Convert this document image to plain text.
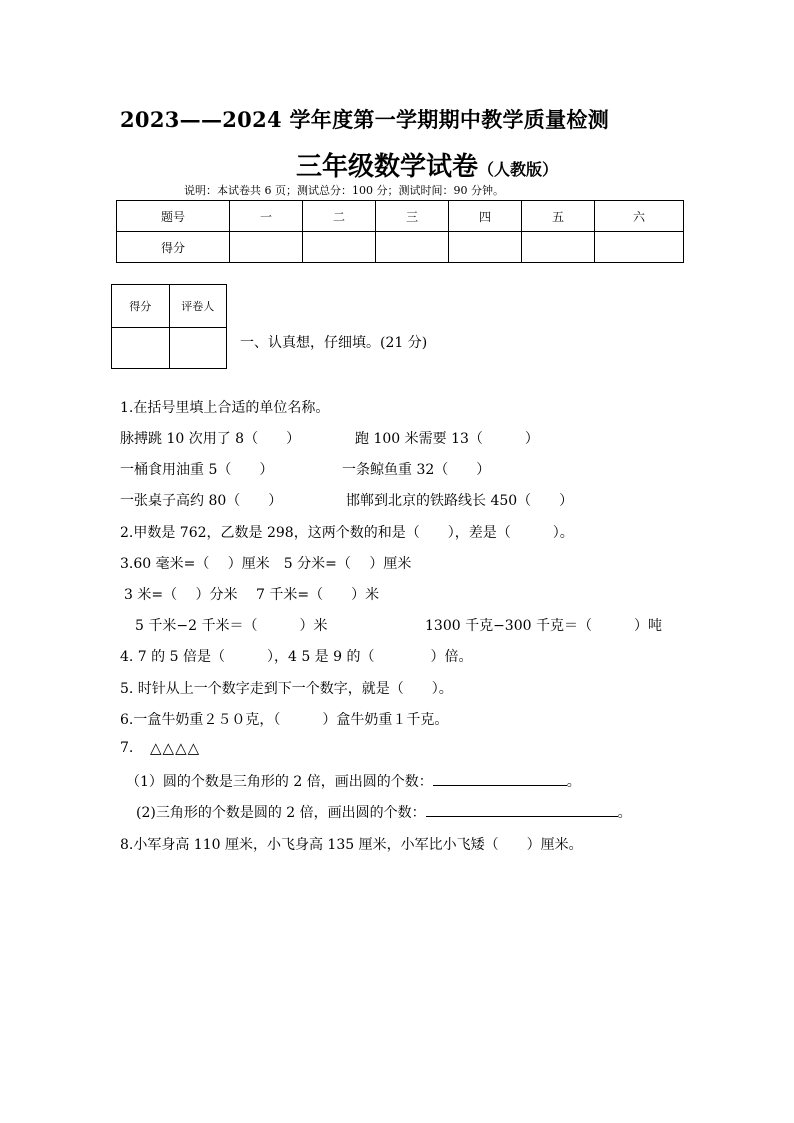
2023——2024 学年度第一学期期中教学质量检测
三年级数学试卷（人教版）
说明：本试卷共 6 页；测试总分：100 分；测试时间：90 分钟。
题号	一	二	三	四	五	六
得分						
得分	评卷人

一、认真想，仔细填。(21 分)
1.在括号里填上合适的单位名称。
脉搏跳 10 次用了 8（　　）	跑 100 米需要 13（　　　）
一桶食用油重 5（　　）	一条鲸鱼重 32（　　）
一张桌子高约 80（　　）	邯郸到北京的铁路线长 450（　　）
2.甲数是 762，乙数是 298，这两个数的和是（　　），差是（　　　）。
3.60 毫米=（　 ）厘米　5 分米=（　 ）厘米
3 米=（　 ）分米　 7 千米=（　　）米
5 千米−2 千米＝（　　　）米	1300 千克−300 千克＝（　　　）吨
4. 7 的 5 倍是（　　　），4 5 是 9 的（　　　　）倍。
5. 时针从上一个数字走到下一个数字，就是（　　）。
6.一盒牛奶重２５０克，（　　　）盒牛奶重１千克。
7. △△△△
（1）圆的个数是三角形的 2 倍，画出圆的个数：	。
(2)三角形的个数是圆的 2 倍，画出圆的个数：	。
8.小军身高 110 厘米，小飞身高 135 厘米，小军比小飞矮（　　）厘米。
